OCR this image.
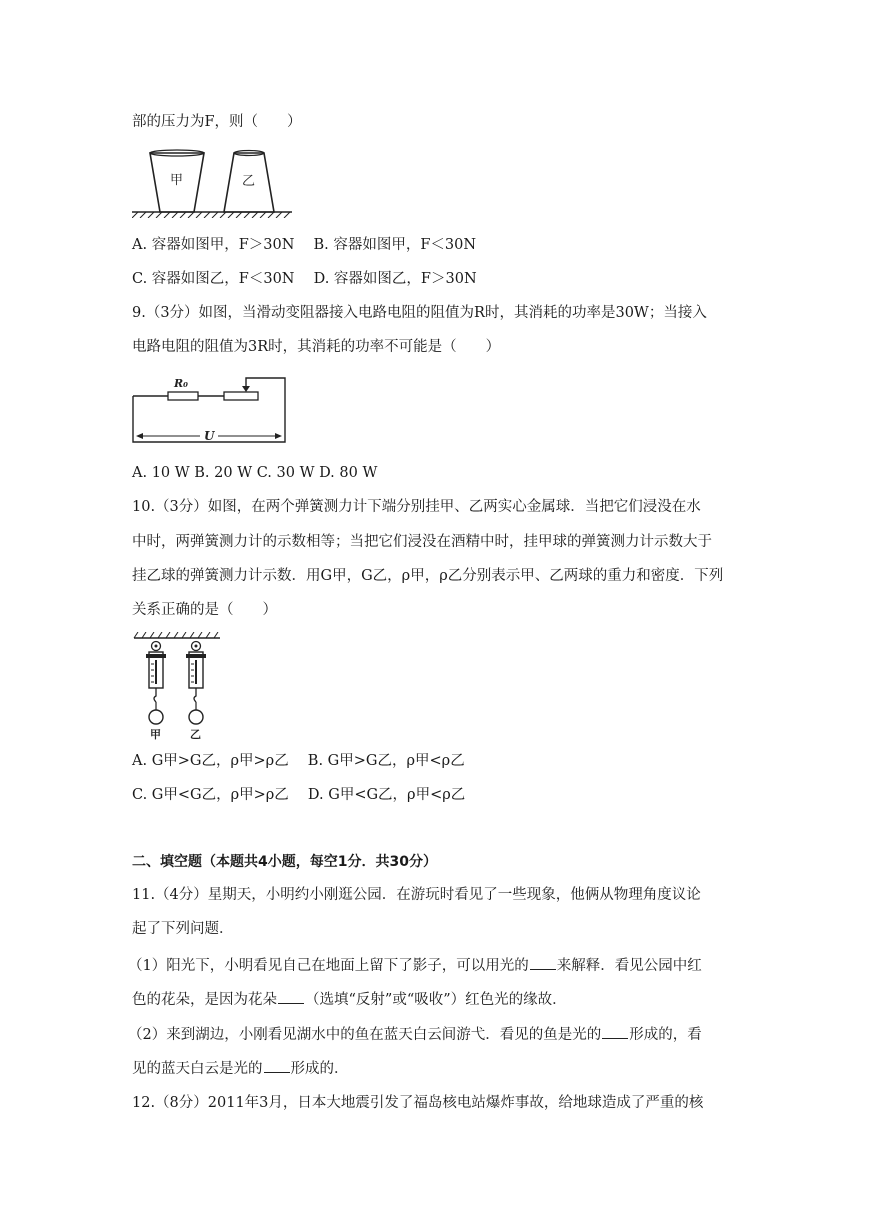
部的压力为F，则（　　）
甲	乙
A. 容器如图甲，F＞30N　 B. 容器如图甲，F＜30N
C. 容器如图乙，F＜30N　 D. 容器如图乙，F＞30N
9.（3分）如图，当滑动变阻器接入电路电阻的阻值为R时，其消耗的功率是30W；当接入
电路电阻的阻值为3R时，其消耗的功率不可能是（　　）
R₀
U
A. 10 W B. 20 W C. 30 W D. 80 W
10.（3分）如图，在两个弹簧测力计下端分别挂甲、乙两实心金属球．当把它们浸没在水
中时，两弹簧测力计的示数相等；当把它们浸没在酒精中时，挂甲球的弹簧测力计示数大于
挂乙球的弹簧测力计示数．用G甲，G乙，ρ甲，ρ乙分别表示甲、乙两球的重力和密度．下列
关系正确的是（　　）
甲	乙
A. G甲>G乙，ρ甲>ρ乙　 B. G甲>G乙，ρ甲<ρ乙
C. G甲<G乙，ρ甲>ρ乙　 D. G甲<G乙，ρ甲<ρ乙
二、填空题（本题共4小题，每空1分．共30分）
11.（4分）星期天，小明约小刚逛公园．在游玩时看见了一些现象，他俩从物理角度议论
起了下列问题．
（1）阳光下，小明看见自己在地面上留下了影子，可以用光的 来解释．看见公园中红
色的花朵，是因为花朵 （选填“反射”或“吸收”）红色光的缘故．
（2）来到湖边，小刚看见湖水中的鱼在蓝天白云间游弋．看见的鱼是光的 形成的，看
见的蓝天白云是光的 形成的．
12.（8分）2011年3月，日本大地震引发了福岛核电站爆炸事故，给地球造成了严重的核
